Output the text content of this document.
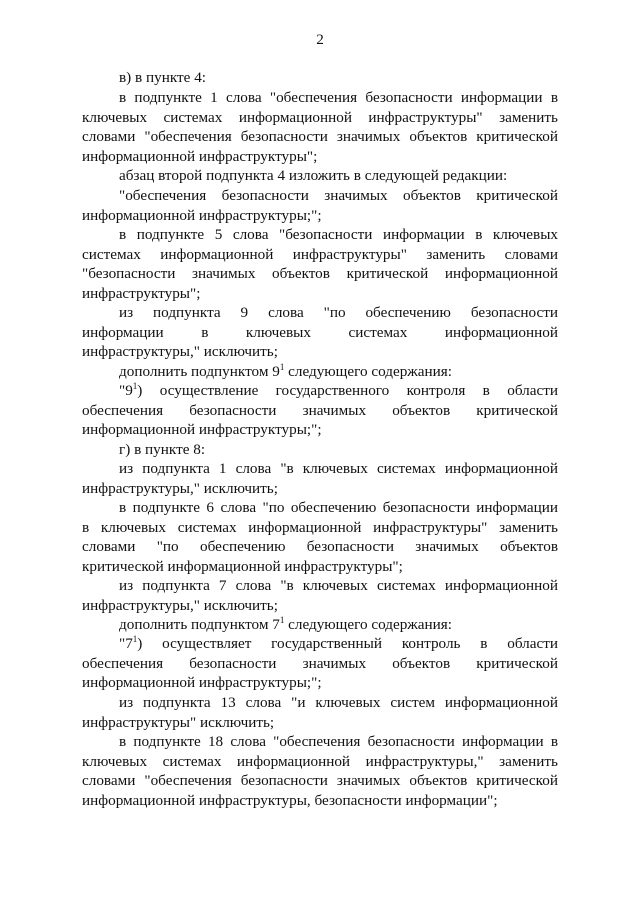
2
в) в пункте 4:
в подпункте 1 слова "обеспечения безопасности информации в
ключевых системах информационной инфраструктуры" заменить
словами "обеспечения безопасности значимых объектов критической
информационной инфраструктуры";
абзац второй подпункта 4 изложить в следующей редакции:
"обеспечения безопасности значимых объектов критической
информационной инфраструктуры;";
в подпункте 5 слова "безопасности информации в ключевых
системах информационной инфраструктуры" заменить словами
"безопасности значимых объектов критической информационной
инфраструктуры";
из подпункта 9 слова "по обеспечению безопасности
информации в ключевых системах информационной
инфраструктуры," исключить;
дополнить подпунктом $9^1$ следующего содержания:
"$9^1$) осуществление государственного контроля в области
обеспечения безопасности значимых объектов критической
информационной инфраструктуры;";
г) в пункте 8:
из подпункта 1 слова "в ключевых системах информационной
инфраструктуры," исключить;
в подпункте 6 слова "по обеспечению безопасности информации
в ключевых системах информационной инфраструктуры" заменить
словами "по обеспечению безопасности значимых объектов
критической информационной инфраструктуры";
из подпункта 7 слова "в ключевых системах информационной
инфраструктуры," исключить;
дополнить подпунктом $7^1$ следующего содержания:
"$7^1$) осуществляет государственный контроль в области
обеспечения безопасности значимых объектов критической
информационной инфраструктуры;";
из подпункта 13 слова "и ключевых систем информационной
инфраструктуры" исключить;
в подпункте 18 слова "обеспечения безопасности информации в
ключевых системах информационной инфраструктуры," заменить
словами "обеспечения безопасности значимых объектов критической
информационной инфраструктуры, безопасности информации";
